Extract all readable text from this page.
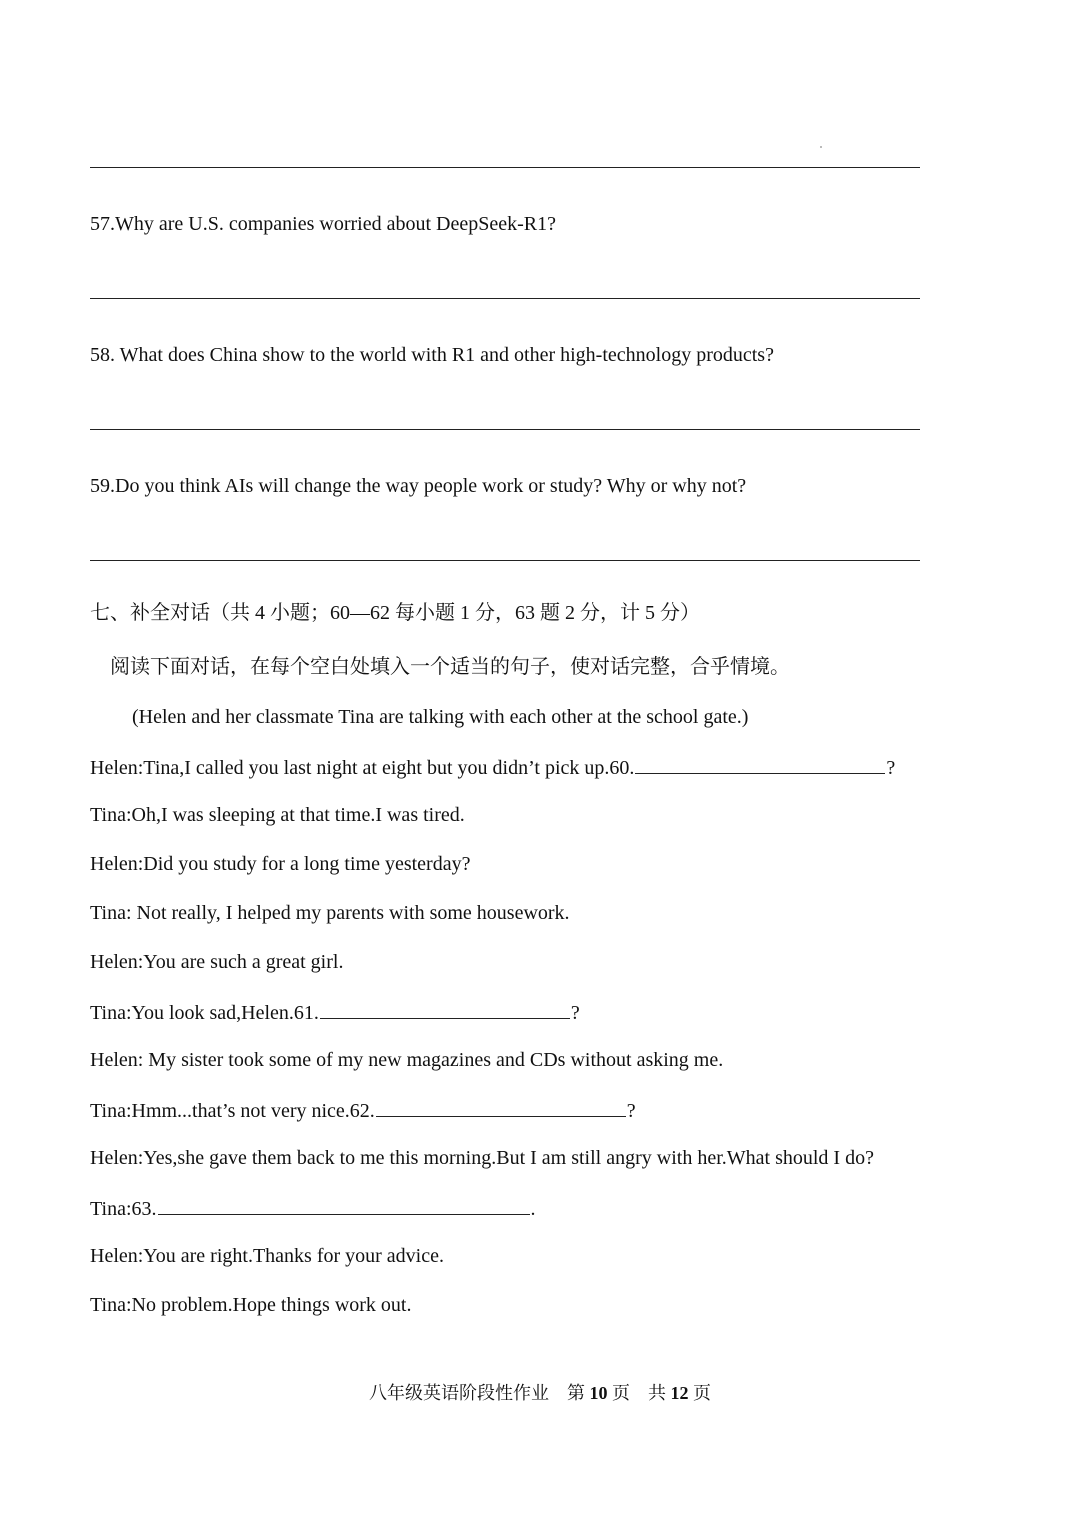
57.Why are U.S. companies worried about DeepSeek-R1?
58. What does China show to the world with R1 and other high-technology products?
59.Do you think AIs will change the way people work or study? Why or why not?
七、补全对话（共 4 小题；60—62 每小题 1 分，63 题 2 分，计 5 分）
阅读下面对话，在每个空白处填入一个适当的句子，使对话完整，合乎情境。
(Helen and her classmate Tina are talking with each other at the school gate.)
Helen:Tina,I called you last night at eight but you didn’t pick up.60.	?
Tina:Oh,I was sleeping at that time.I was tired.
Helen:Did you study for a long time yesterday?
Tina: Not really, I helped my parents with some housework.
Helen:You are such a great girl.
Tina:You look sad,Helen.61.	?
Helen: My sister took some of my new magazines and CDs without asking me.
Tina:Hmm...that’s not very nice.62.	?
Helen:Yes,she gave them back to me this morning.But I am still angry with her.What should I do?
Tina:63.	.
Helen:You are right.Thanks for your advice.
Tina:No problem.Hope things work out.
八年级英语阶段性作业　第 10 页　共 12 页
